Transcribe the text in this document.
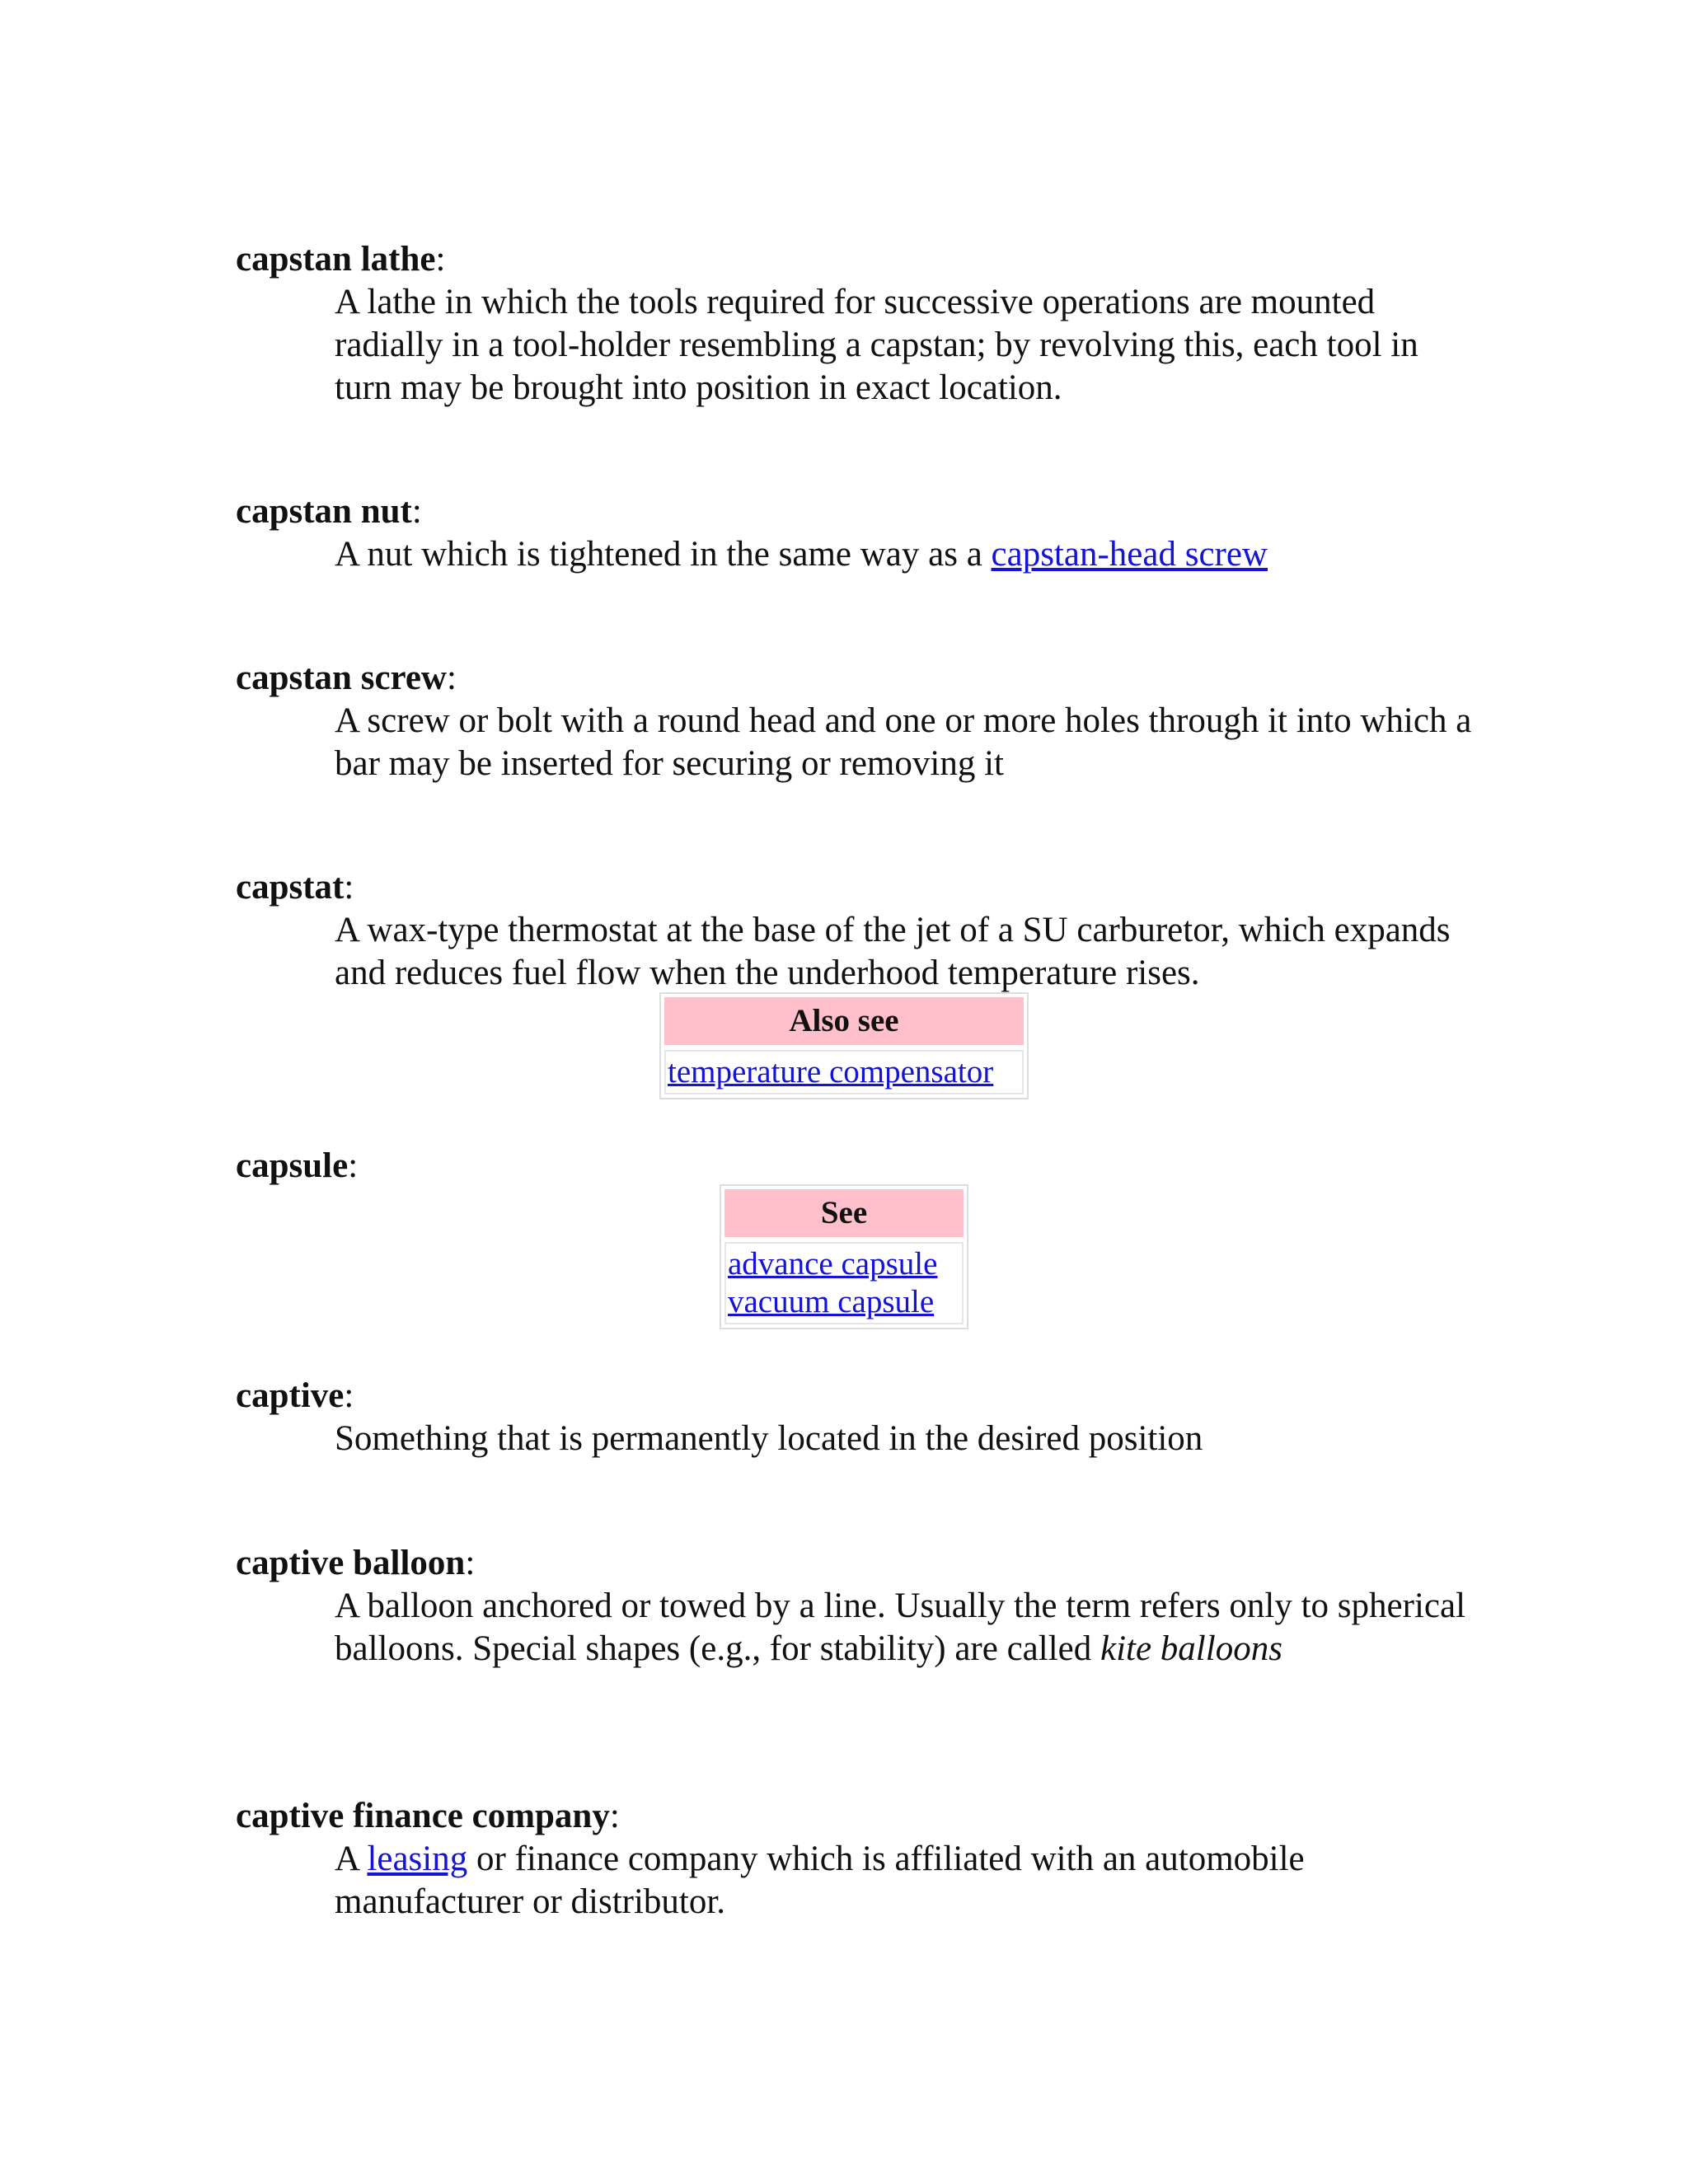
capstan lathe:

A lathe in which the tools required for successive operations are mounted radially in a tool-holder resembling a capstan; by revolving this, each tool in turn may be brought into position in exact location.

capstan nut:

A nut which is tightened in the same way as a capstan-head screw

capstan screw:

A screw or bolt with a round head and one or more holes through it into which a bar may be inserted for securing or removing it

capstat:

A wax-type thermostat at the base of the jet of a SU carburetor, which expands and reduces fuel flow when the underhood temperature rises.

Also see
temperature compensator

capsule:

See
advance capsule
vacuum capsule

captive:

Something that is permanently located in the desired position

captive balloon:

A balloon anchored or towed by a line. Usually the term refers only to spherical balloons. Special shapes (e.g., for stability) are called kite balloons

captive finance company:

A leasing or finance company which is affiliated with an automobile manufacturer or distributor.
